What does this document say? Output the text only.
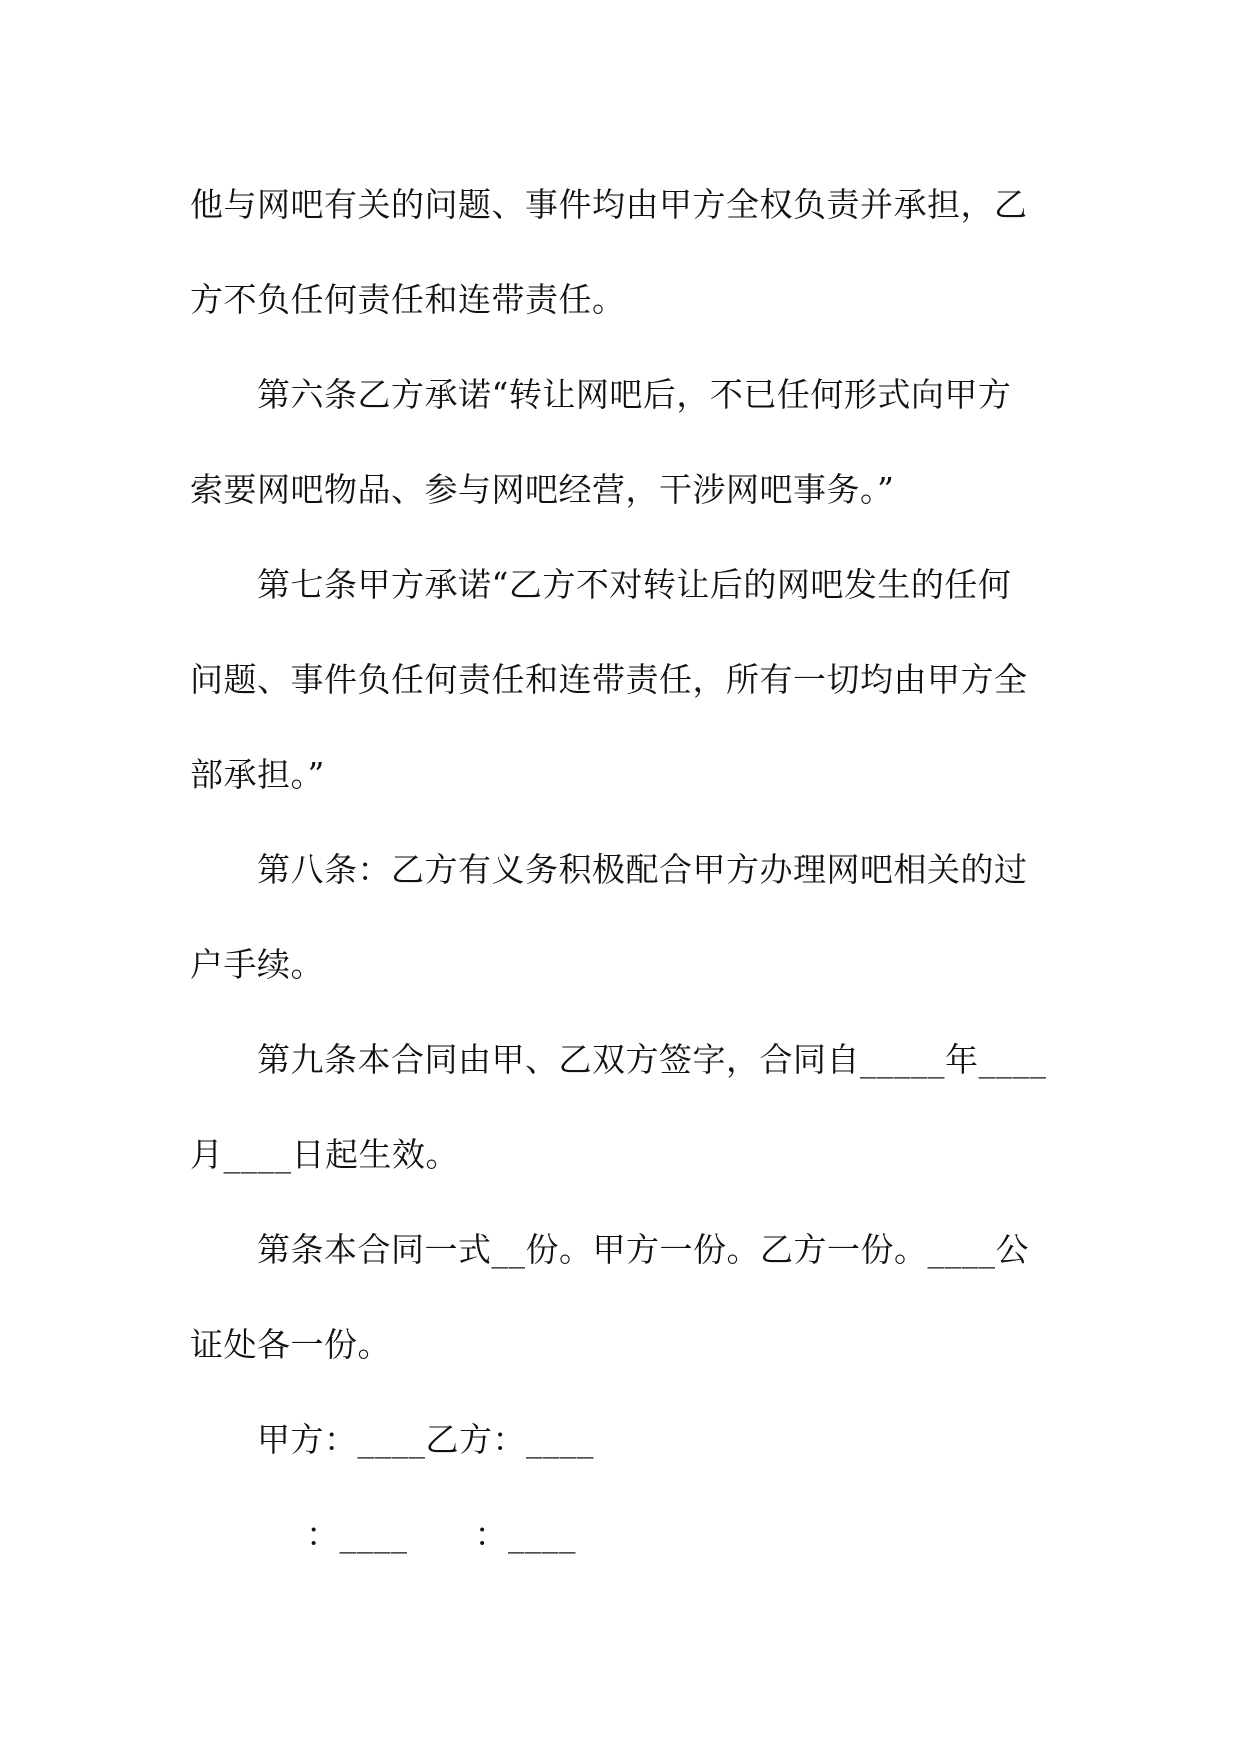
他与网吧有关的问题、事件均由甲方全权负责并承担，乙
方不负任何责任和连带责任。
第六条乙方承诺“转让网吧后，不已任何形式向甲方
索要网吧物品、参与网吧经营，干涉网吧事务。”
第七条甲方承诺“乙方不对转让后的网吧发生的任何
问题、事件负任何责任和连带责任，所有一切均由甲方全
部承担。”
第八条：乙方有义务积极配合甲方办理网吧相关的过
户手续。
第九条本合同由甲、乙双方签字，合同自_____年____
月____日起生效。
第条本合同一式__份。甲方一份。乙方一份。____公
证处各一份。
甲方：____乙方：____
：____　　：____
